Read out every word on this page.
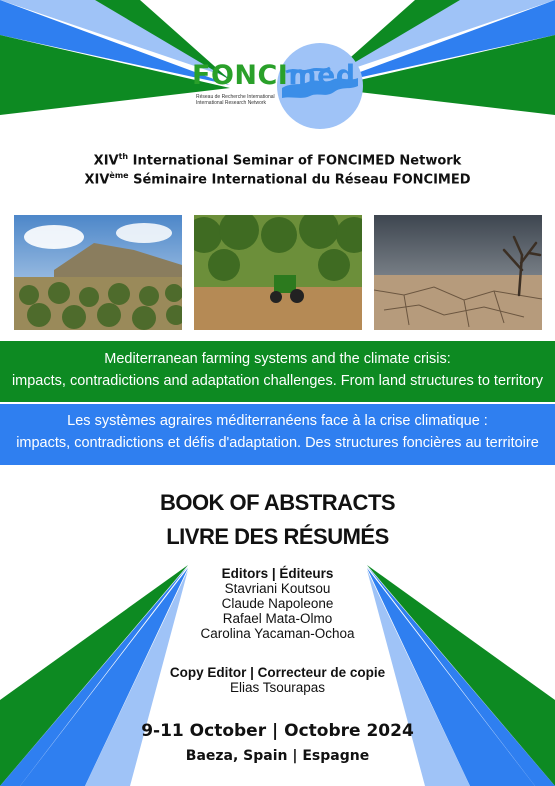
FONCImed
Réseau de Recherche International
International Research Network
XIVth International Seminar of FONCIMED Network
XIVème Séminaire International du Réseau FONCIMED
Mediterranean farming systems and the climate crisis:
impacts, contradictions and adaptation challenges. From land structures to territory
Les systèmes agraires méditerranéens face à la crise climatique :
impacts, contradictions et défis d'adaptation. Des structures foncières au territoire
BOOK OF ABSTRACTS
LIVRE DES RÉSUMÉS
Editors | Éditeurs
Stavriani Koutsou
Claude Napoleone
Rafael Mata-Olmo
Carolina Yacaman-Ochoa
Copy Editor | Correcteur de copie
Elias Tsourapas
9-11 October | Octobre 2024
Baeza, Spain | Espagne
